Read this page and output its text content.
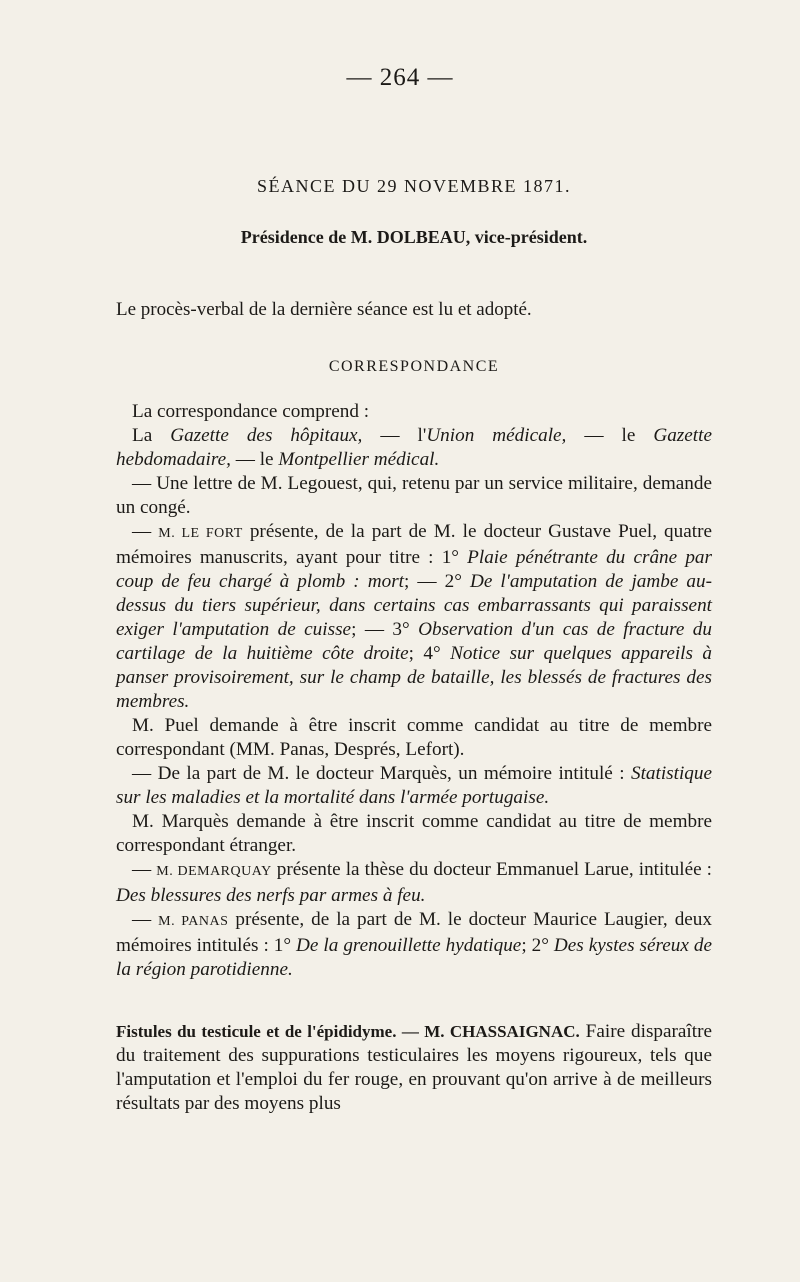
— 264 —
SÉANCE DU 29 NOVEMBRE 1871.
Présidence de M. DOLBEAU, vice-président.
Le procès-verbal de la dernière séance est lu et adopté.
CORRESPONDANCE

La correspondance comprend :

La Gazette des hôpitaux, — l'Union médicale, — le Gazette hebdomadaire, — le Montpellier médical.

— Une lettre de M. Legouest, qui, retenu par un service militaire, demande un congé.

— M. LE FORT présente, de la part de M. le docteur Gustave Puel, quatre mémoires manuscrits, ayant pour titre : 1° Plaie pénétrante du crâne par coup de feu chargé à plomb : mort; — 2° De l'amputation de jambe au-dessus du tiers supérieur, dans certains cas embarrassants qui paraissent exiger l'amputation de cuisse; — 3° Observation d'un cas de fracture du cartilage de la huitième côte droite; 4° Notice sur quelques appareils à panser provisoirement, sur le champ de bataille, les blessés de fractures des membres.

M. Puel demande à être inscrit comme candidat au titre de membre correspondant (MM. Panas, Després, Lefort).

— De la part de M. le docteur Marquès, un mémoire intitulé : Statistique sur les maladies et la mortalité dans l'armée portugaise.

M. Marquès demande à être inscrit comme candidat au titre de membre correspondant étranger.

— M. DEMARQUAY présente la thèse du docteur Emmanuel Larue, intitulée : Des blessures des nerfs par armes à feu.

— M. PANAS présente, de la part de M. le docteur Maurice Laugier, deux mémoires intitulés : 1° De la grenouillette hydatique; 2° Des kystes séreux de la région parotidienne.

Fistules du testicule et de l'épididyme. — M. CHASSAIGNAC. Faire disparaître du traitement des suppurations testiculaires les moyens rigoureux, tels que l'amputation et l'emploi du fer rouge, en prouvant qu'on arrive à de meilleurs résultats par des moyens plus
